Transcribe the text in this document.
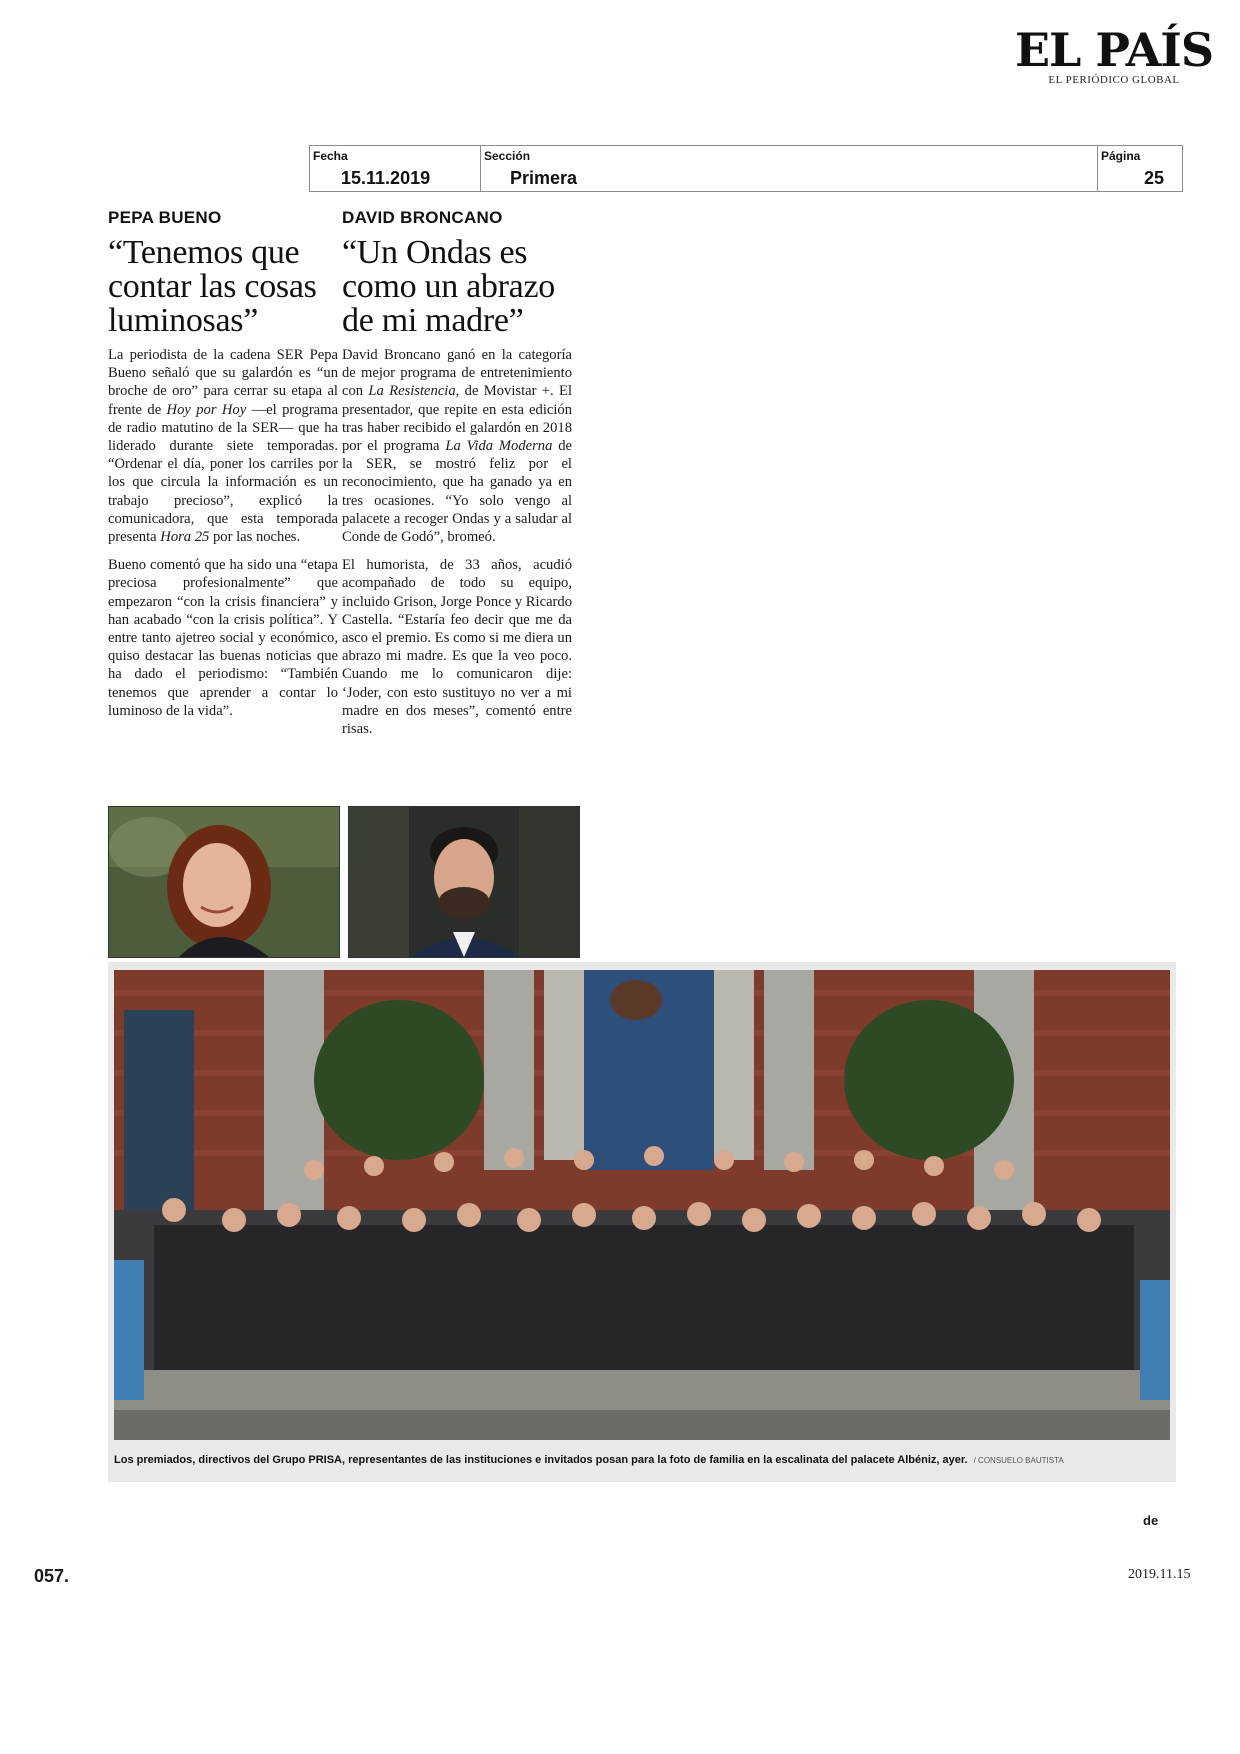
EL PAÍS
EL PERIÓDICO GLOBAL
Fecha
15.11.2019
Sección
Primera
Página
25
PEPA BUENO
“Tenemos que contar las cosas luminosas”

La periodista de la cadena SER Pepa Bueno señaló que su galardón es “un broche de oro” para cerrar su etapa al frente de Hoy por Hoy —el programa de radio matutino de la SER— que ha liderado durante siete temporadas. “Ordenar el día, poner los carriles por los que circula la información es un trabajo precioso”, explicó la comunicadora, que esta temporada presenta Hora 25 por las noches.

Bueno comentó que ha sido una “etapa preciosa profesionalmente” que empezaron “con la crisis financiera” y han acabado “con la crisis política”. Y entre tanto ajetreo social y económico, quiso destacar las buenas noticias que ha dado el periodismo: “También tenemos que aprender a contar lo luminoso de la vida”.

DAVID BRONCANO
“Un Ondas es como un abrazo de mi madre”

David Broncano ganó en la categoría de mejor programa de entretenimiento con La Resistencia, de Movistar +. El presentador, que repite en esta edición tras haber recibido el galardón en 2018 por el programa La Vida Moderna de la SER, se mostró feliz por el reconocimiento, que ha ganado ya en tres ocasiones. “Yo solo vengo al palacete a recoger Ondas y a saludar al Conde de Godó”, bromeó.

El humorista, de 33 años, acudió acompañado de todo su equipo, incluido Grison, Jorge Ponce y Ricardo Castella. “Estaría feo decir que me da asco el premio. Es como si me diera un abrazo mi madre. Es que la veo poco. Cuando me lo comunicaron dije: ‘Joder, con esto sustituyo no ver a mi madre en dos meses”, comentó entre risas.

Los premiados, directivos del Grupo PRISA, representantes de las instituciones e invitados posan para la foto de familia en la escalinata del palacete Albéniz, ayer. / CONSUELO BAUTISTA
de
057.	2019.11.15
